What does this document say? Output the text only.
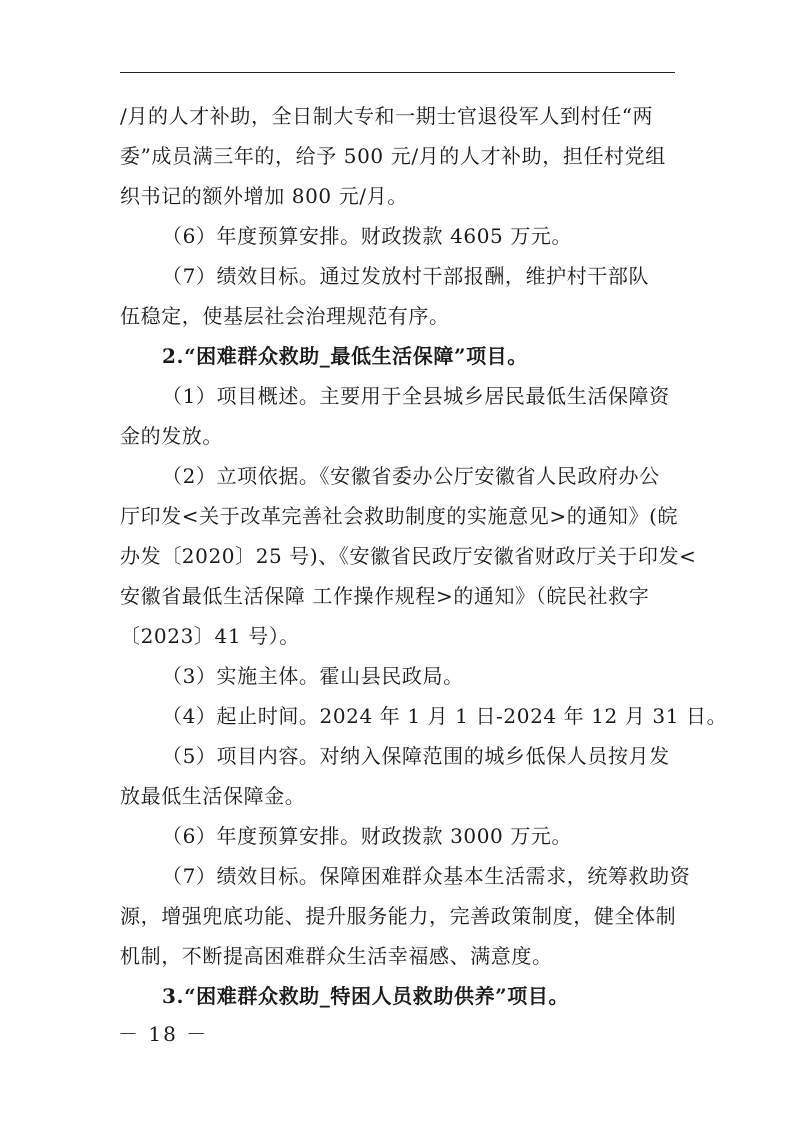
/月的人才补助，全日制大专和一期士官退役军人到村任“两
委”成员满三年的，给予 500 元/月的人才补助，担任村党组
织书记的额外增加 800 元/月。
（6）年度预算安排。财政拨款 4605 万元。
（7）绩效目标。通过发放村干部报酬，维护村干部队
伍稳定，使基层社会治理规范有序。
2.“困难群众救助_最低生活保障”项目。
（1）项目概述。主要用于全县城乡居民最低生活保障资
金的发放。
（2）立项依据。《安徽省委办公厅安徽省人民政府办公
厅印发<关于改革完善社会救助制度的实施意见>的通知》(皖
办发〔2020〕25 号)、《安徽省民政厅安徽省财政厅关于印发<
安徽省最低生活保障 工作操作规程>的通知》（皖民社救字
〔2023〕41 号）。
（3）实施主体。霍山县民政局。
（4）起止时间。2024 年 1 月 1 日-2024 年 12 月 31 日。
（5）项目内容。对纳入保障范围的城乡低保人员按月发
放最低生活保障金。
（6）年度预算安排。财政拨款 3000 万元。
（7）绩效目标。保障困难群众基本生活需求，统筹救助资
源，增强兜底功能、提升服务能力，完善政策制度，健全体制
机制，不断提高困难群众生活幸福感、满意度。
3.“困难群众救助_特困人员救助供养”项目。
－ 18 －
